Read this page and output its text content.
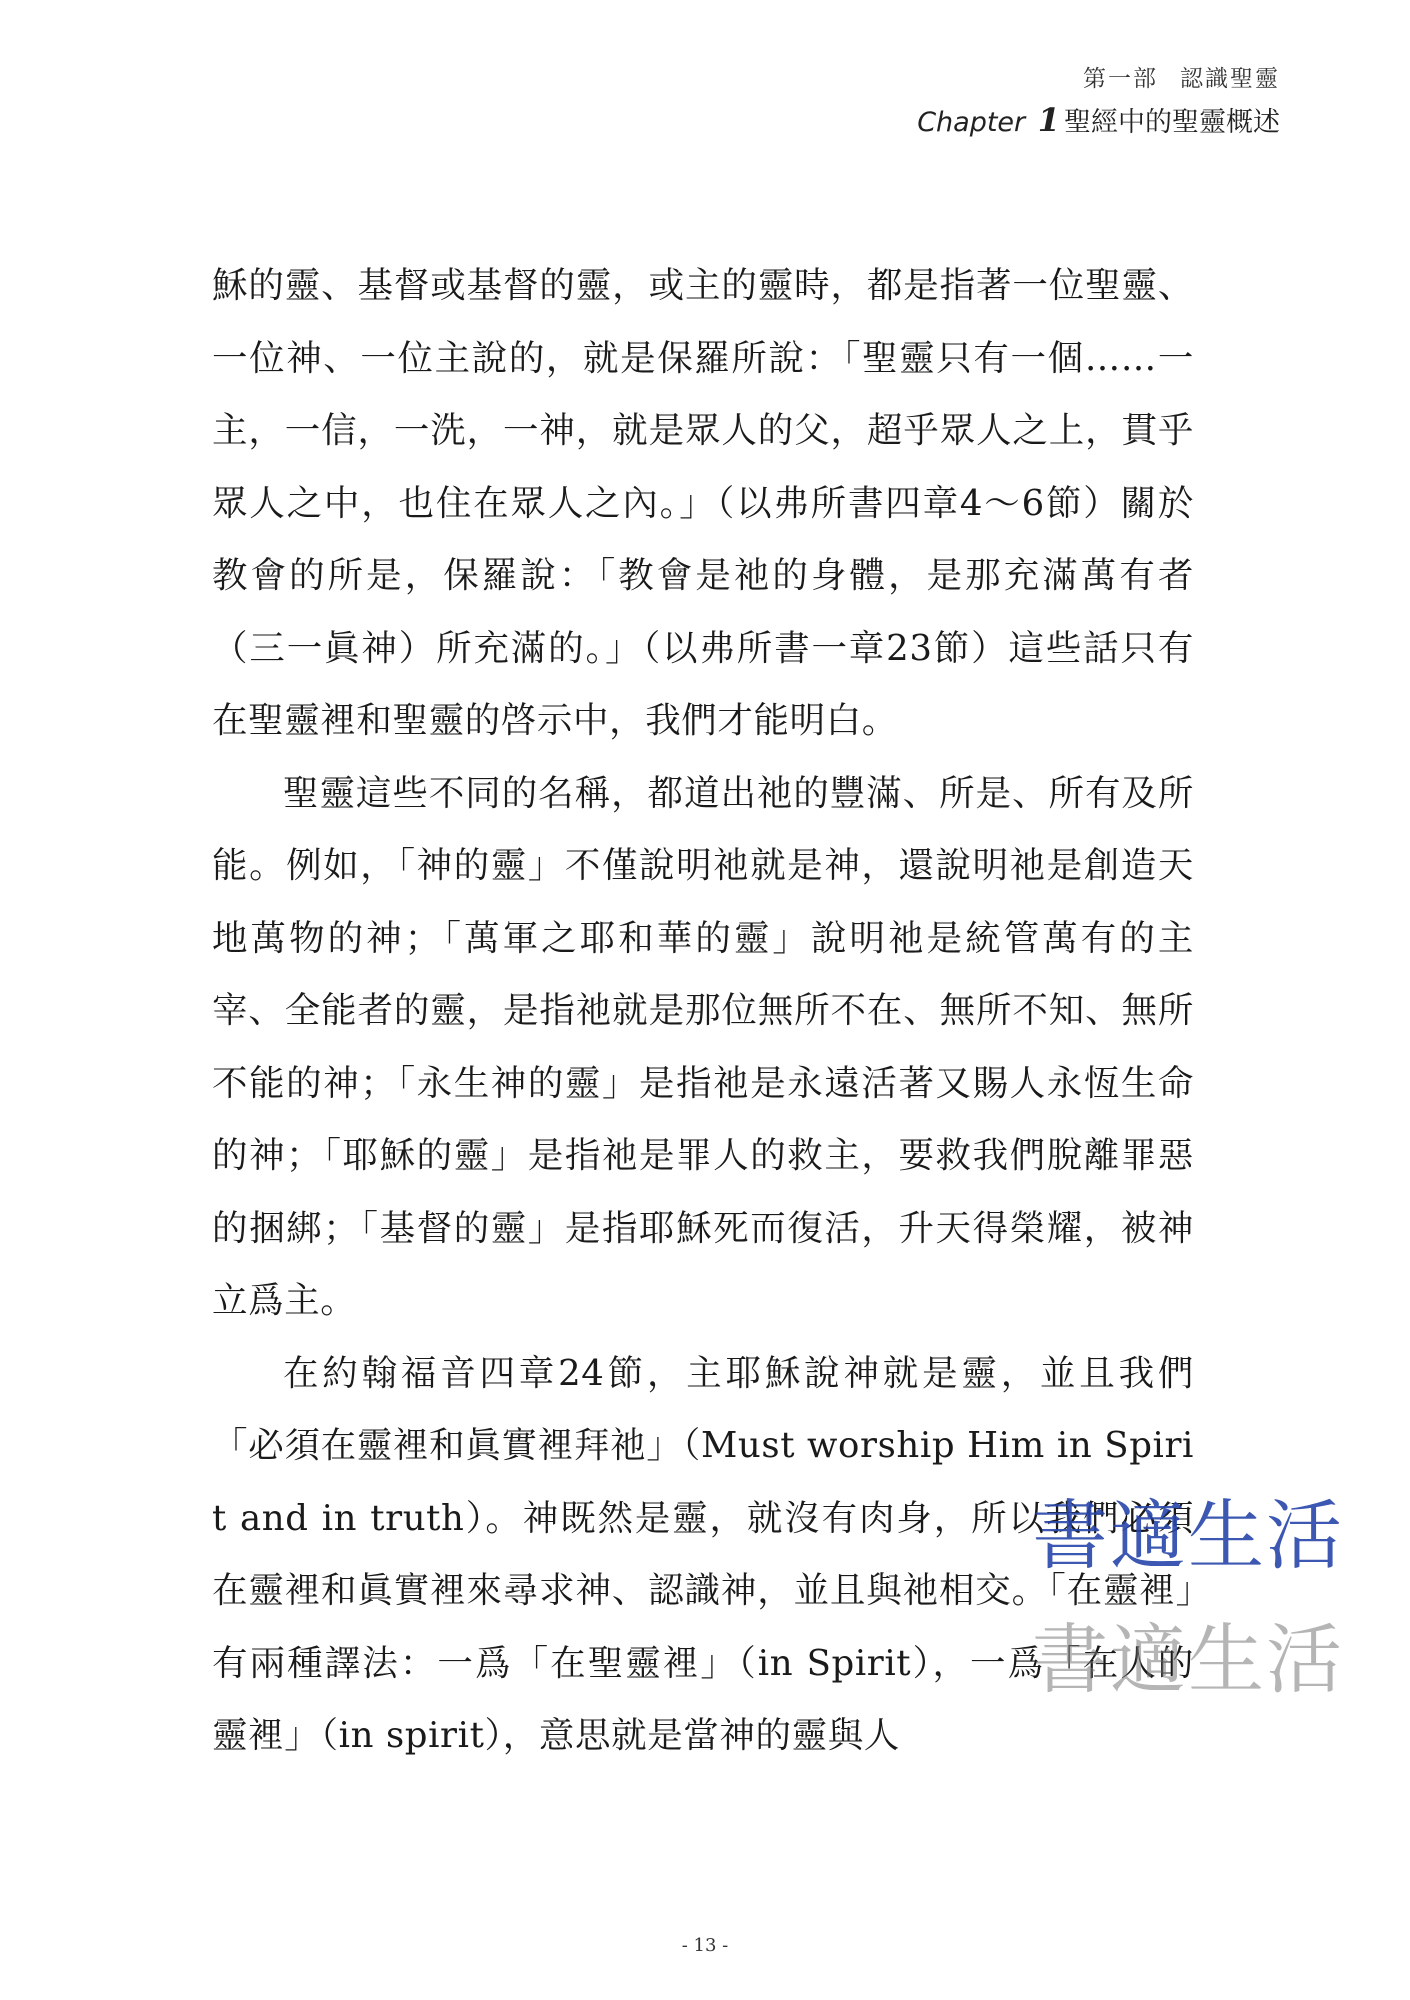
第一部 認識聖靈
Chapter 1 聖經中的聖靈概述

穌的靈、基督或基督的靈，或主的靈時，都是指著一位聖靈、一位神、一位主說的，就是保羅所說：「聖靈只有一個……一主，一信，一洗，一神，就是眾人的父，超乎眾人之上，貫乎眾人之中，也住在眾人之內。」（以弗所書四章4～6節）關於教會的所是，保羅說：「教會是祂的身體，是那充滿萬有者（三一眞神）所充滿的。」（以弗所書一章23節）這些話只有在聖靈裡和聖靈的啓示中，我們才能明白。

聖靈這些不同的名稱，都道出祂的豐滿、所是、所有及所能。例如，「神的靈」不僅說明祂就是神，還說明祂是創造天地萬物的神；「萬軍之耶和華的靈」說明祂是統管萬有的主宰、全能者的靈，是指祂就是那位無所不在、無所不知、無所不能的神；「永生神的靈」是指祂是永遠活著又賜人永恆生命的神；「耶穌的靈」是指祂是罪人的救主，要救我們脫離罪惡的捆綁；「基督的靈」是指耶穌死而復活，升天得榮耀，被神立爲主。

在約翰福音四章24節，主耶穌說神就是靈，並且我們「必須在靈裡和眞實裡拜祂」（Must worship Him in Spirit and in truth）。神既然是靈，就沒有肉身，所以我們必須在靈裡和眞實裡來尋求神、認識神，並且與祂相交。「在靈裡」有兩種譯法：一爲「在聖靈裡」（in Spirit），一爲「在人的靈裡」（in spirit），意思就是當神的靈與人

書適生活
書適生活
- 13 -
